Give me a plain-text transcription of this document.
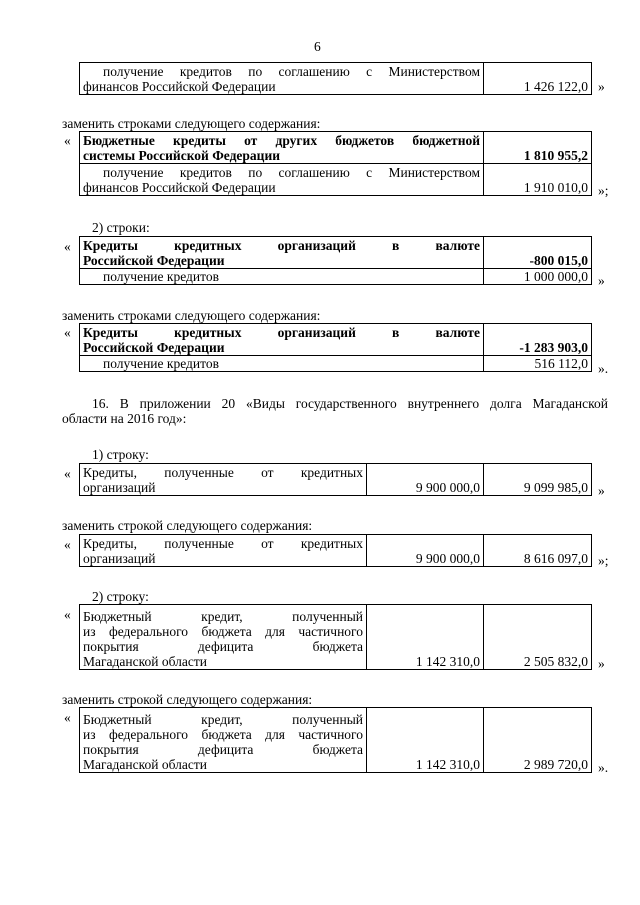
6
получение кредитов по соглашению с Министерством
финансов Российской Федерации	1 426 122,0 »
заменить строками следующего содержания:
« Бюджетные кредиты от других бюджетов бюджетной
системы Российской Федерации	1 810 955,2

получение кредитов по соглашению с Министерством
финансов Российской Федерации	1 910 010,0 »;
2) строки:
« Кредиты кредитных организаций в валюте
Российской Федерации	-800 015,0
получение кредитов	1 000 000,0 »
заменить строками следующего содержания:
« Кредиты кредитных организаций в валюте
Российской Федерации	-1 283 903,0
получение кредитов	516 112,0 ».
16. В приложении 20 «Виды государственного внутреннего долга Магаданской
области на 2016 год»:
1) строку:
« Кредиты, полученные от кредитных
организаций	9 900 000,0	9 099 985,0 »
заменить строкой следующего содержания:
« Кредиты, полученные от кредитных
организаций	9 900 000,0	8 616 097,0 »;
2) строку:
« Бюджетный кредит, полученный
из федерального бюджета для частичного
покрытия дефицита бюджета
Магаданской области	1 142 310,0	2 505 832,0 »
заменить строкой следующего содержания:
« Бюджетный кредит, полученный
из федерального бюджета для частичного
покрытия дефицита бюджета
Магаданской области	1 142 310,0	2 989 720,0 ».
